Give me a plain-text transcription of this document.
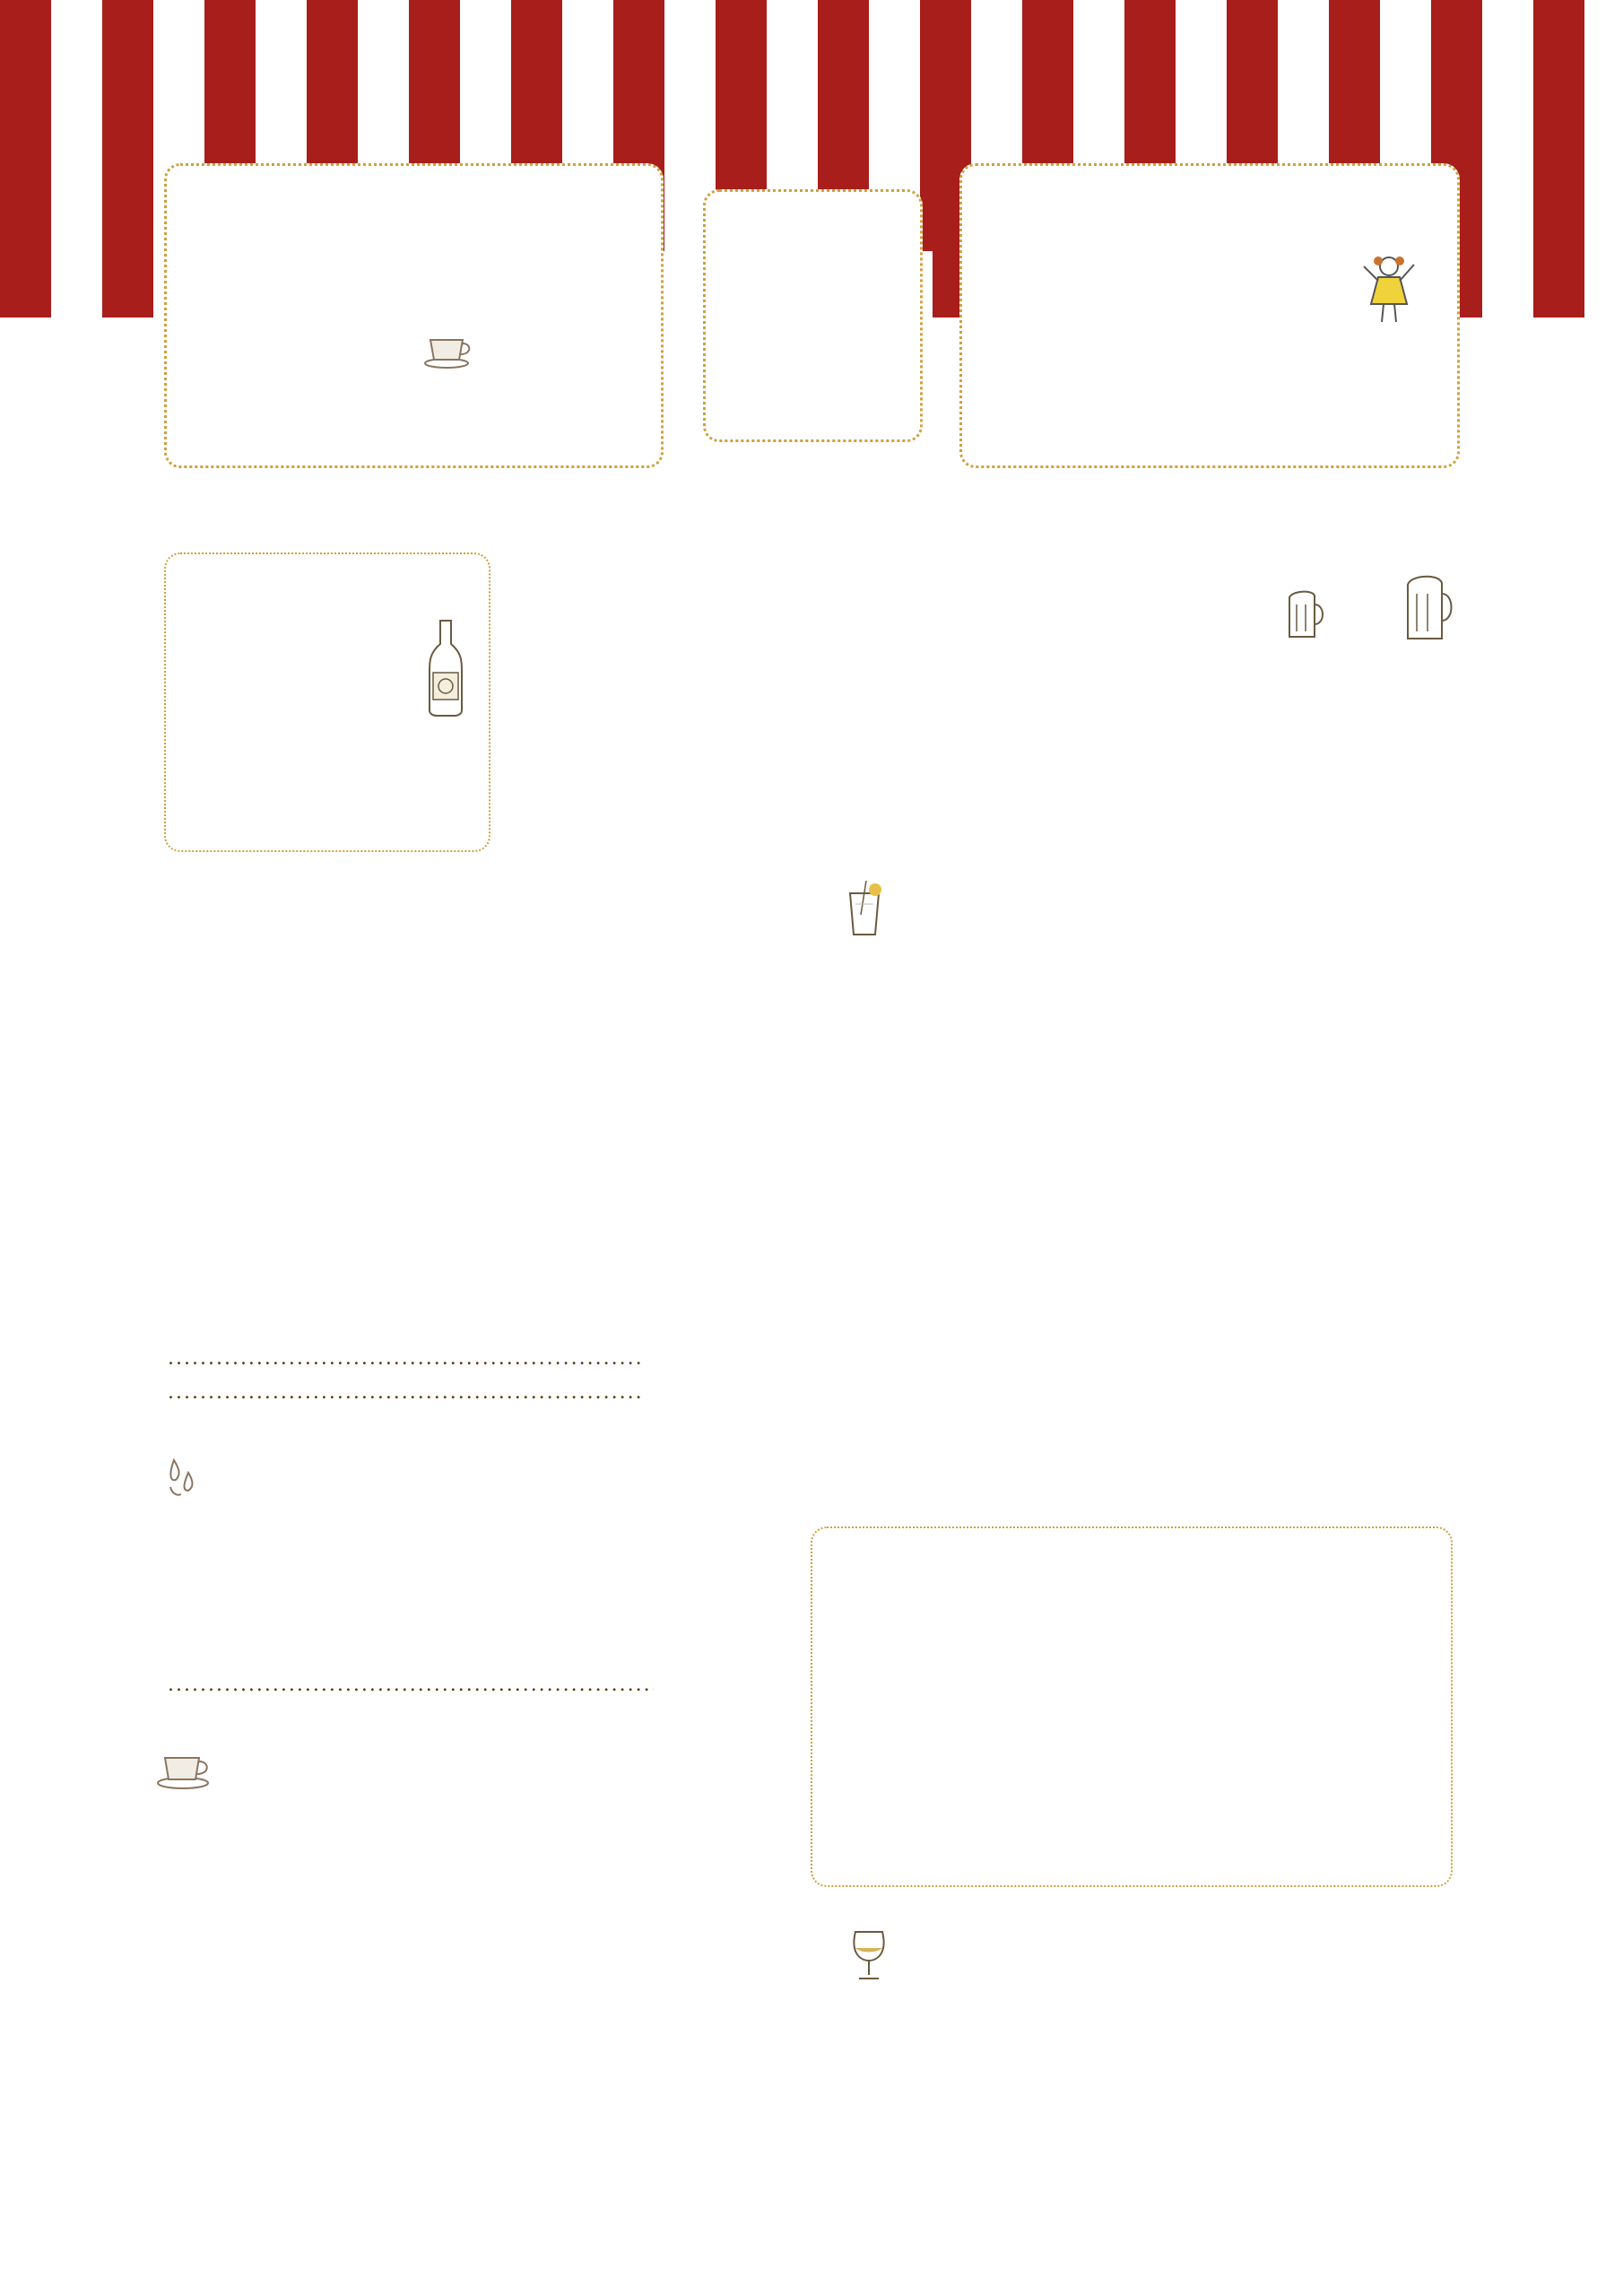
.....
.....
.....
